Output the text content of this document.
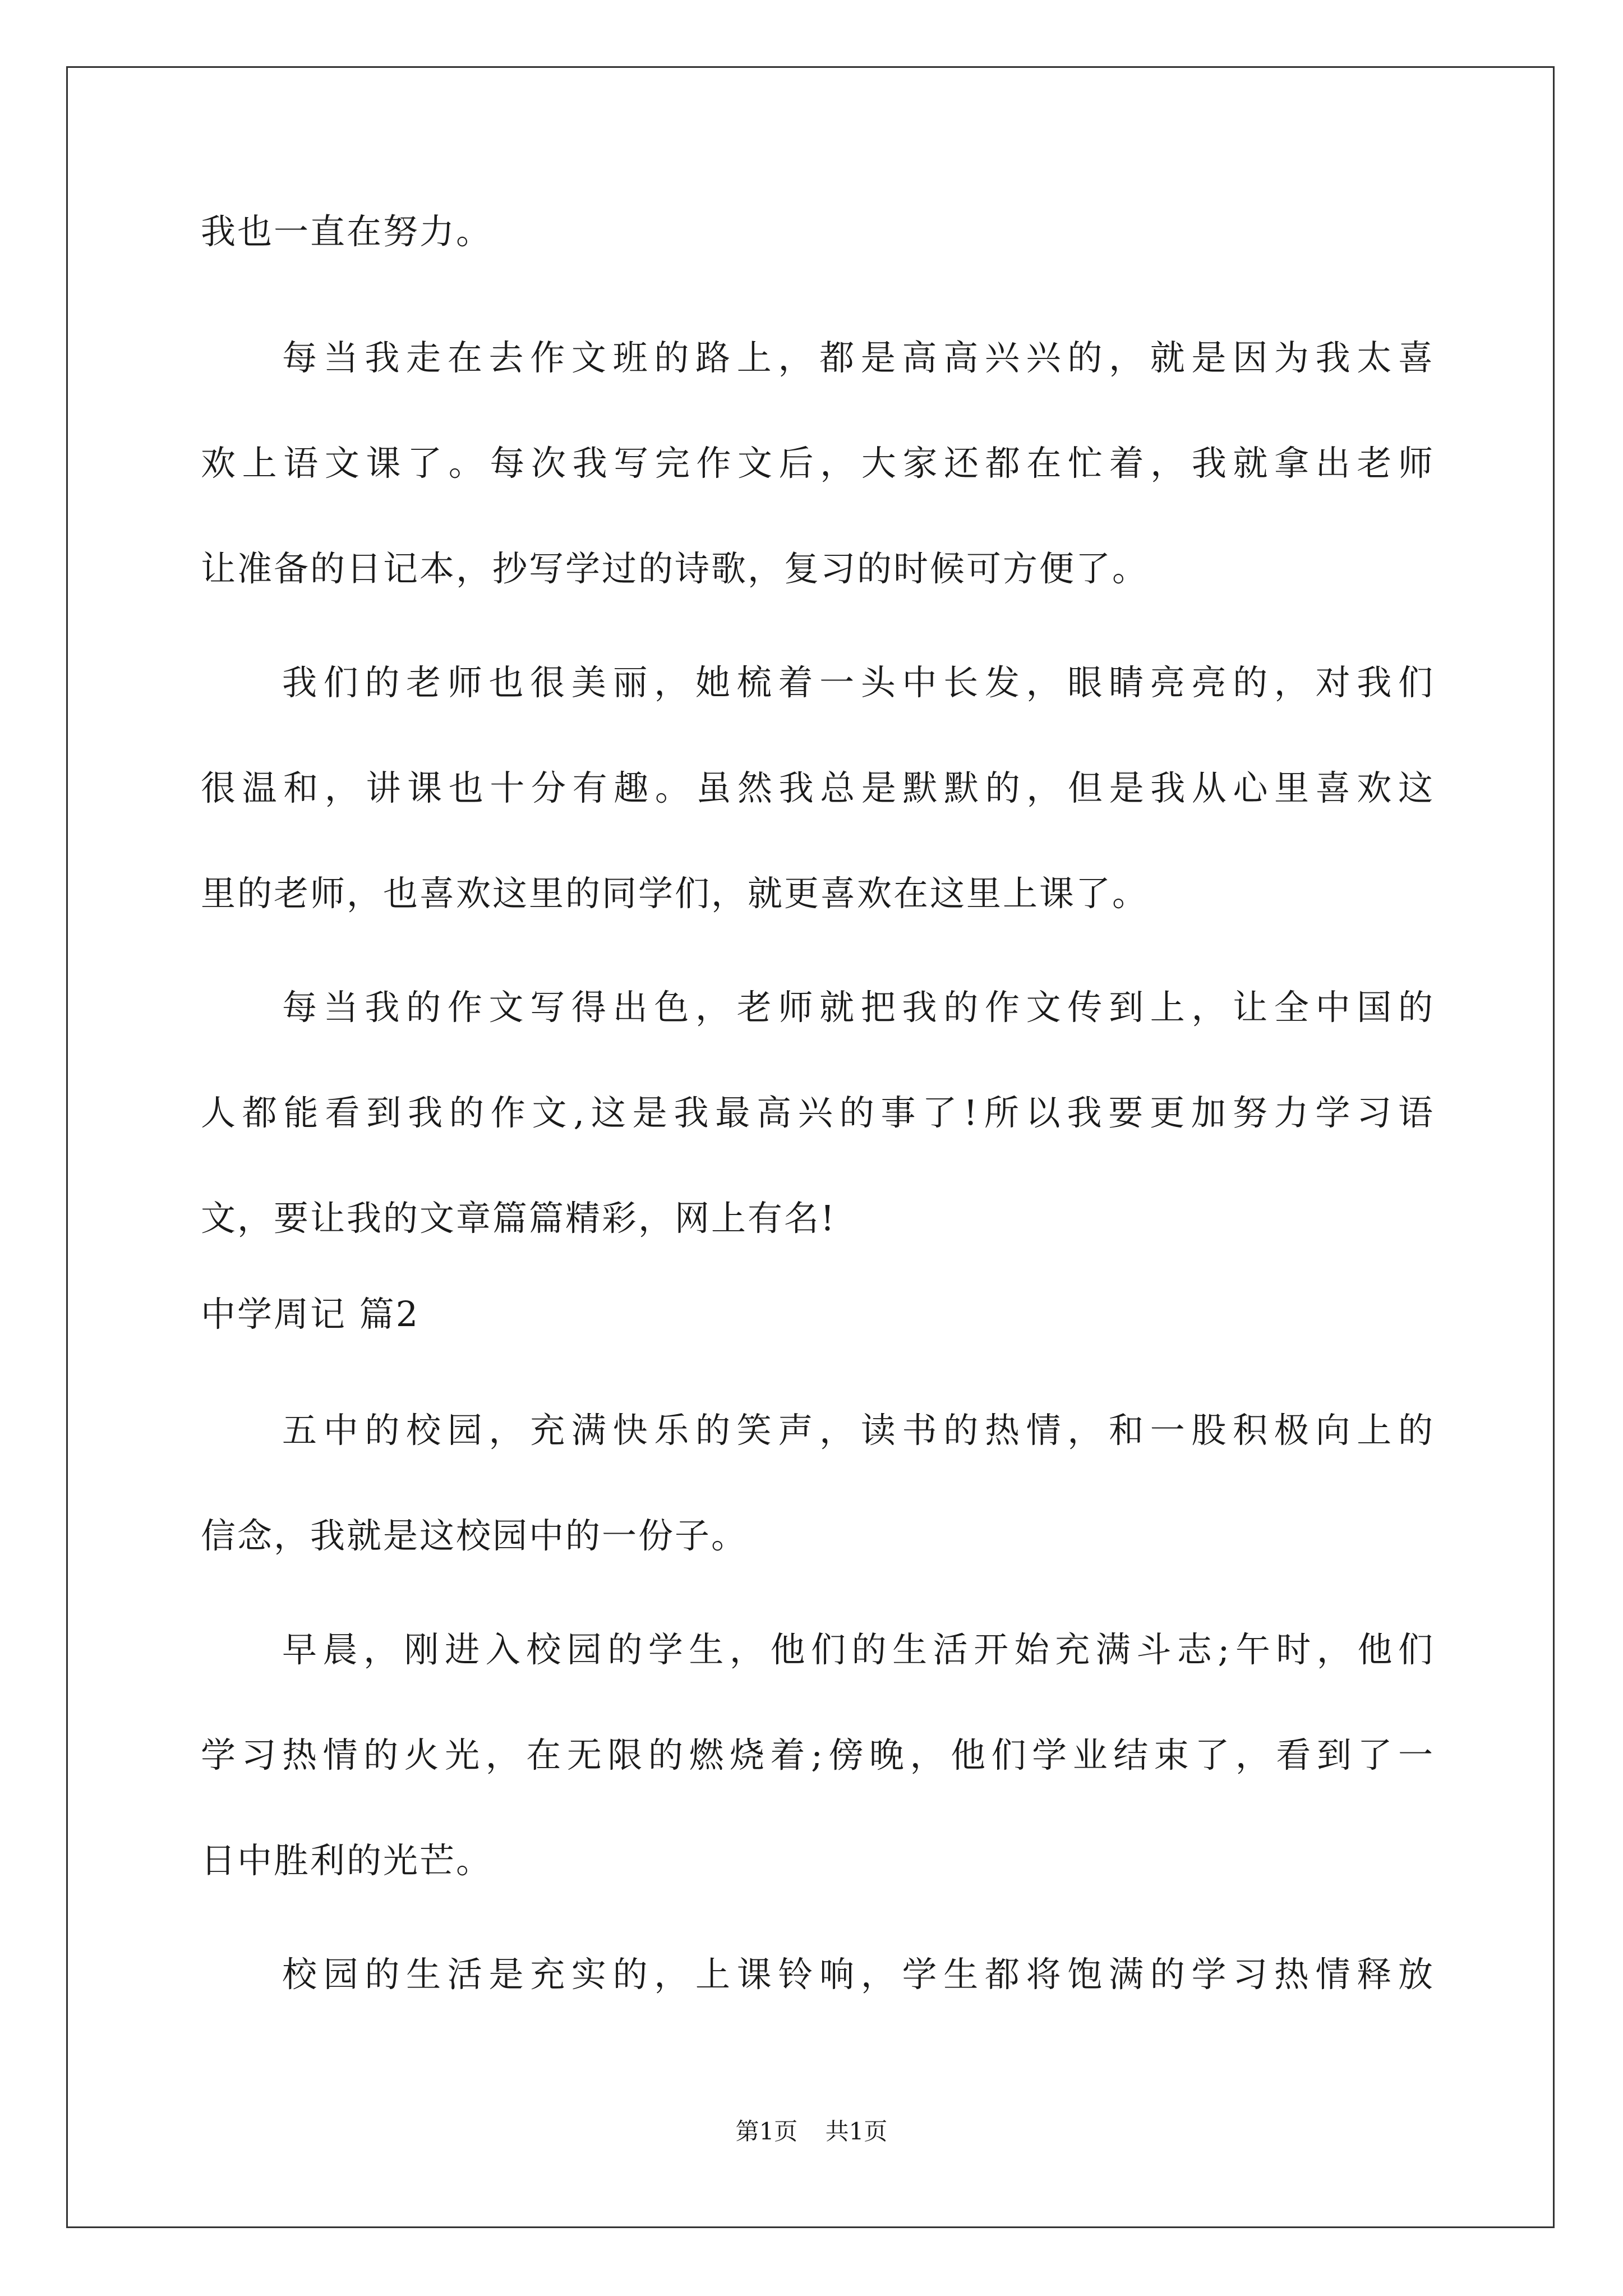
我也一直在努力。
每当我走在去作文班的路上，都是高高兴兴的，就是因为我太喜
欢上语文课了。每次我写完作文后，大家还都在忙着，我就拿出老师
让准备的日记本，抄写学过的诗歌，复习的时候可方便了。
我们的老师也很美丽，她梳着一头中长发，眼睛亮亮的，对我们
很温和，讲课也十分有趣。虽然我总是默默的，但是我从心里喜欢这
里的老师，也喜欢这里的同学们，就更喜欢在这里上课了。
每当我的作文写得出色，老师就把我的作文传到上，让全中国的
人都能看到我的作文,这是我最高兴的事了!所以我要更加努力学习语
文，要让我的文章篇篇精彩，网上有名!
中学周记 篇2
五中的校园，充满快乐的笑声，读书的热情，和一股积极向上的
信念，我就是这校园中的一份子。
早晨，刚进入校园的学生，他们的生活开始充满斗志;午时，他们
学习热情的火光，在无限的燃烧着;傍晚，他们学业结束了，看到了一
日中胜利的光芒。
校园的生活是充实的，上课铃响，学生都将饱满的学习热情释放
第1页 共1页
